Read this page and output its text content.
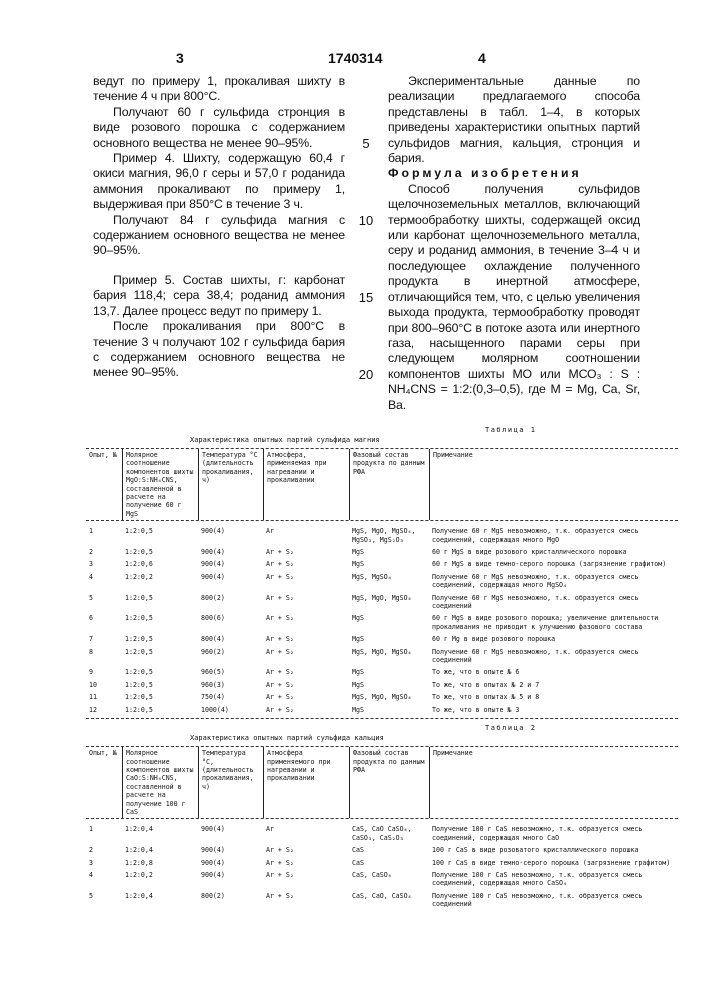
3	1740314	4

ведут по примеру 1, прокаливая шихту в течение 4 ч при 800°С.

Получают 60 г сульфида стронция в виде розового порошка с содержанием основного вещества не менее 90–95%.

Пример 4. Шихту, содержащую 60,4 г окиси магния, 96,0 г серы и 57,0 г роданида аммония прокаливают по примеру 1, выдерживая при 850°С в течение 3 ч.

Получают 84 г сульфида магния с содержанием основного вещества не менее 90–95%.

Пример 5. Состав шихты, г: карбонат бария 118,4; сера 38,4; роданид аммония 13,7. Далее процесс ведут по примеру 1.

После прокаливания при 800°С в течение 3 ч получают 102 г сульфида бария с содержанием основного вещества не менее 90–95%.

5
10
15
20

Экспериментальные данные по реализации предлагаемого способа представлены в табл. 1–4, в которых приведены характеристики опытных партий сульфидов магния, кальция, стронция и бария.

Формула изобретения

Способ получения сульфидов щелочноземельных металлов, включающий термообработку шихты, содержащей оксид или карбонат щелочноземельного металла, серу и роданид аммония, в течение 3–4 ч и последующее охлаждение полученного продукта в инертной атмосфере, отличающийся тем, что, с целью увеличения выхода продукта, термообработку проводят при 800–960°С в потоке азота или инертного газа, насыщенного парами серы при следующем молярном соотношении компонентов шихты МО или МСО₃ : S : NH₄CNS = 1:2:(0,3–0,5), где М = Mg, Ca, Sr, Ba.

Таблица 1
Характеристика опытных партий сульфида магния
Опыт, №	Молярное соотношение компонентов шихты MgO:S:NH₄CNS, составленной в расчете на получение 60 г MgS
Температура °С (длительность прокаливания, ч)
Атмосфера, применяемая при нагревании и прокаливании
Фазовый состав продукта по данным РФА
Примечание
1	1:2:0,5	900(4)	Ar	MgS, MgO, MgSO₄, MgSO₃, MgS₂O₃
Получение 60 г MgS невозможно, т.к. образуется смесь соединений, содержащая много MgO
2	1:2:0,5	900(4)	Ar + S₂	MgS	60 г MgS в виде розового кристаллического порошка
3	1:2:0,6	900(4)	Ar + S₂	MgS	60 г MgS в виде темно-серого порошка (загрязнение графитом)
4	1:2:0,2	900(4)	Ar + S₂	MgS, MgSO₄	Получение 60 г MgS невозможно, т.к. образуется смесь соединений, содержащая много MgSO₄
5	1:2:0,5	800(2)	Ar + S₂	MgS, MgO, MgSO₄	Получение 60 г MgS невозможно, т.к. образуется смесь соединений
6	1:2:0,5	800(6)	Ar + S₂	MgS	60 г MgS в виде розового порошка; увеличение длительности прокаливания не приводит к улучшению фазового состава
7	1:2:0,5	800(4)	Ar + S₂	MgS	60 г Mg в виде розового порошка
8	1:2:0,5	960(2)	Ar + S₂	MgS, MgO, MgSO₄	Получение 60 г MgS невозможно, т.к. образуется смесь соединений
9	1:2:0,5	960(5)	Ar + S₂	MgS	То же, что в опыте № 6
10	1:2:0,5	960(3)	Ar + S₂	MgS	То же, что в опытах № 2 и 7
11	1:2:0,5	750(4)	Ar + S₂	MgS, MgO, MgSO₄	То же, что в опытах № 5 и 8
12	1:2:0,5	1000(4)	Ar + S₂	MgS	То же, что в опыте № 3
Таблица 2
Характеристика опытных партий сульфида кальция
Опыт, №	Молярное соотношение компонентов шихты CaO:S:NH₄CNS, составленной в расчете на получение 100 г CaS
Температура °С, (длительность прокаливания, ч)
Атмосфера применяемого при нагревании и прокаливании
Фазовый состав продукта по данным РФА
Примечание
1	1:2:0,4	900(4)	Ar	CaS, CaO CaSO₄, CaSO₃, CaS₂O₃
Получение 100 г CaS невозможно, т.к. образуется смесь соединений, содержащая много CaO
2	1:2:0,4	900(4)	Ar + S₂	CaS	100 г CaS в виде розоватого кристаллического порошка
3	1:2:0,8	900(4)	Ar + S₂	CaS	100 г CaS в виде темно-серого порошка (загрязнение графитом)
4	1:2:0,2	900(4)	Ar + S₂	CaS, CaSO₄	Получение 100 г CaS невозможно, т.к. образуется смесь соединений, содержащая много CaSO₄
5	1:2:0,4	800(2)	Ar + S₂	CaS, CaO, CaSO₄	Получение 100 г CaS невозможно, т.к. образуется смесь соединений
